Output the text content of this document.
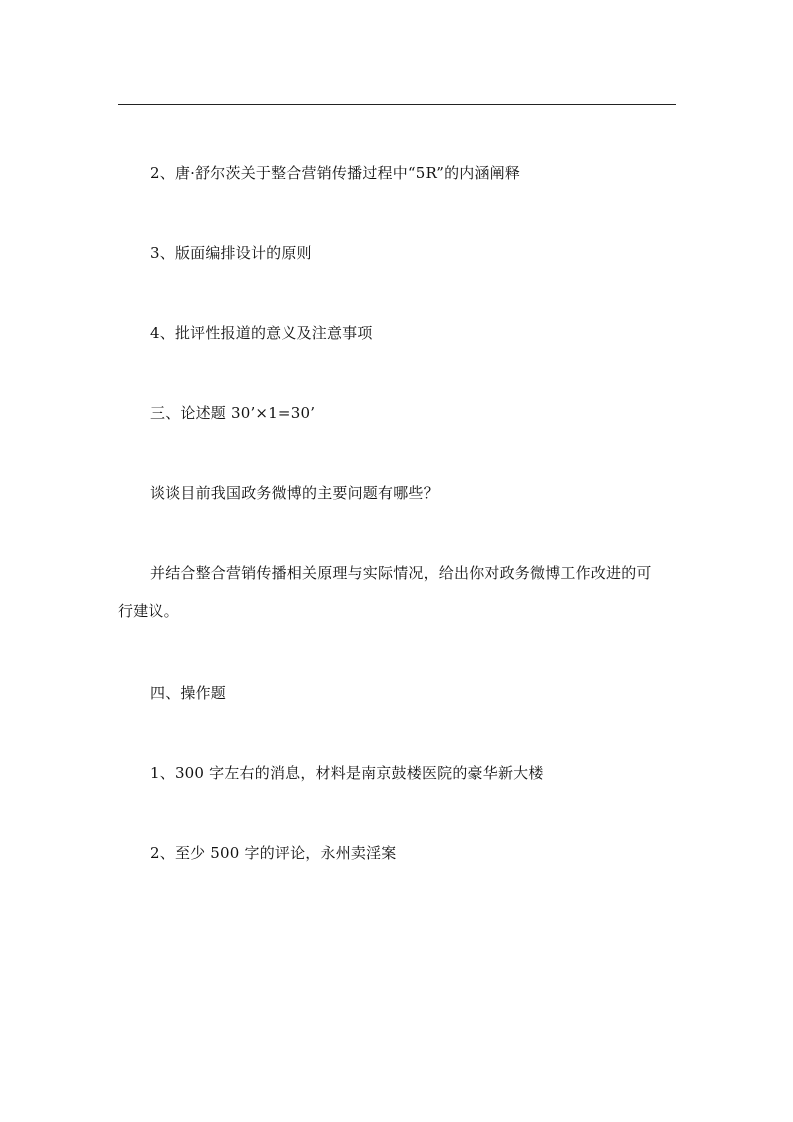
2、唐·舒尔茨关于整合营销传播过程中“5R”的内涵阐释
3、版面编排设计的原则
4、批评性报道的意义及注意事项
三、论述题 30’×1=30’
谈谈目前我国政务微博的主要问题有哪些？
并结合整合营销传播相关原理与实际情况，给出你对政务微博工作改进的可
行建议。
四、操作题
1、300 字左右的消息，材料是南京鼓楼医院的豪华新大楼
2、至少 500 字的评论，永州卖淫案
